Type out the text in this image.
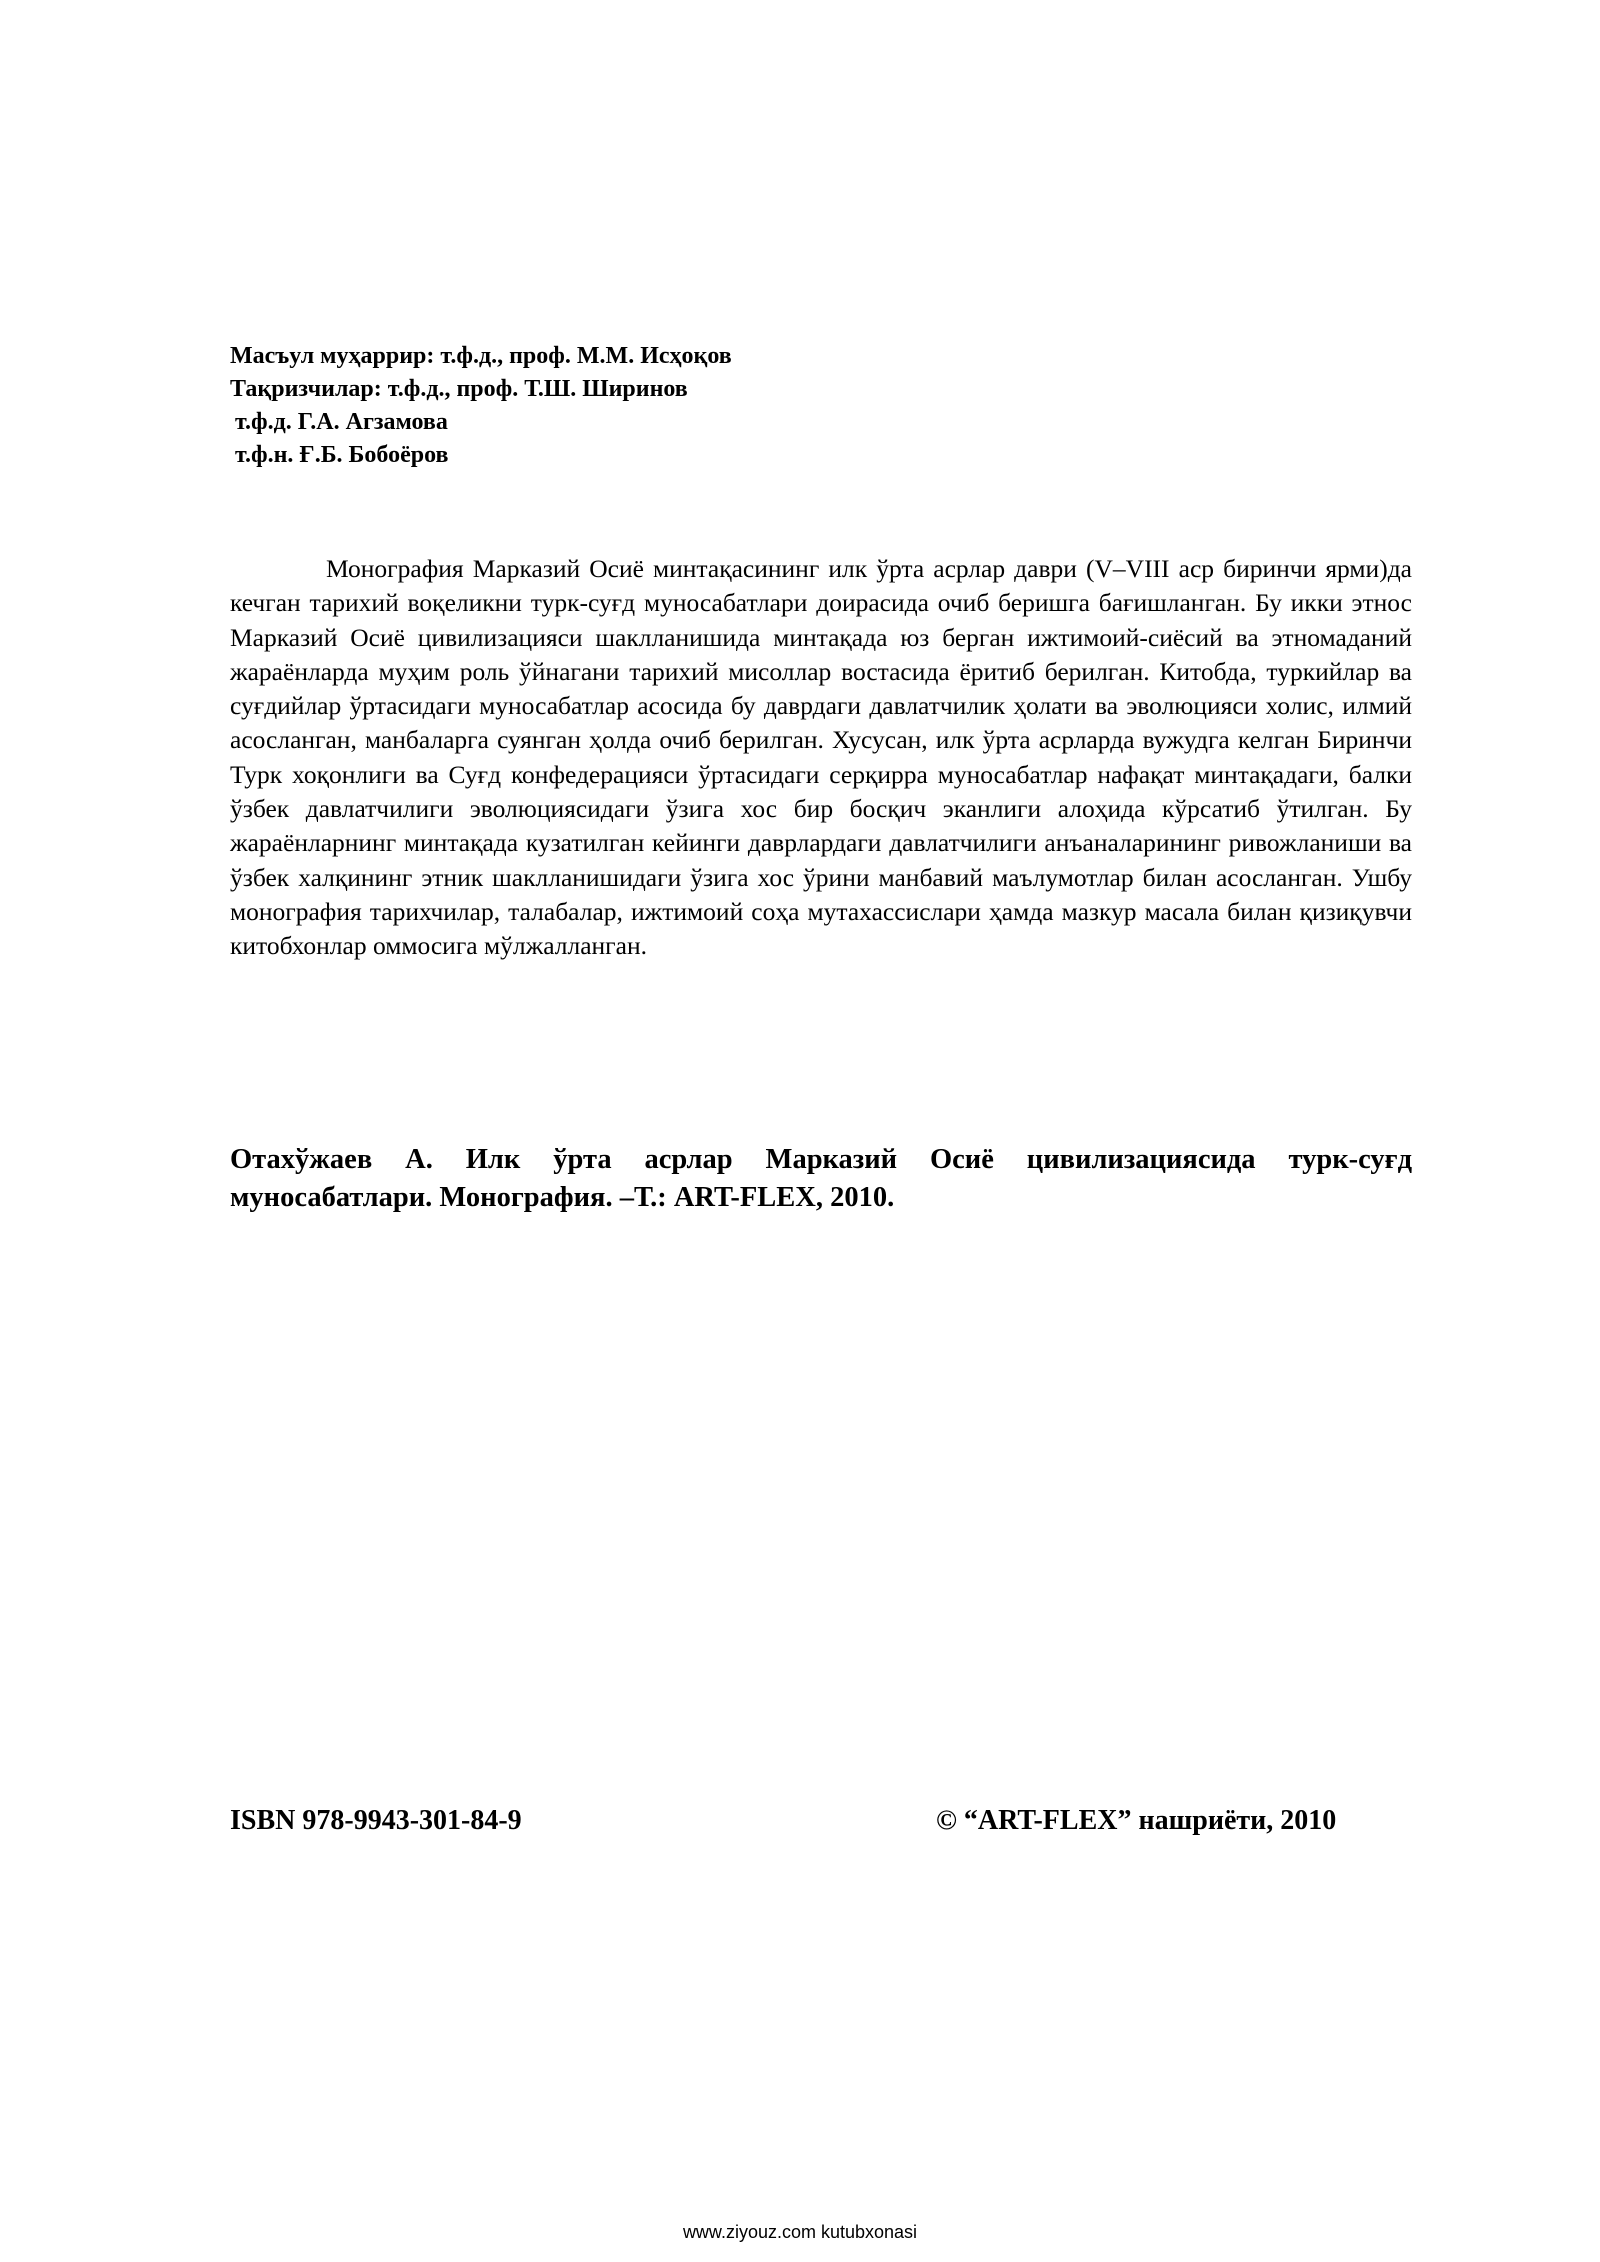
Масъул муҳаррир: т.ф.д., проф. М.М. Исҳоқов
Тақризчилар: т.ф.д., проф. Т.Ш. Ширинов
т.ф.д. Г.А. Агзамова
т.ф.н. Ғ.Б. Бобоёров

Монография Марказий Осиё минтақасининг илк ўрта асрлар даври (V–VIII аср биринчи ярми)да кечган тарихий воқеликни турк-суғд муносабатлари доирасида очиб беришга бағишланган. Бу икки этнос Марказий Осиё цивилизацияси шаклланишида минтақада юз берган ижтимоий-сиёсий ва этномаданий жараёнларда муҳим роль ўйнагани тарихий мисоллар востасида ёритиб берилган. Китобда, туркийлар ва суғдийлар ўртасидаги муносабатлар асосида бу даврдаги давлатчилик ҳолати ва эволюцияси холис, илмий асосланган, манбаларга суянган ҳолда очиб берилган. Хусусан, илк ўрта асрларда вужудга келган Биринчи Турк хоқонлиги ва Суғд конфедерацияси ўртасидаги серқирра муносабатлар нафақат минтақадаги, балки ўзбек давлатчилиги эволюциясидаги ўзига хос бир босқич эканлиги алоҳида кўрсатиб ўтилган. Бу жараёнларнинг минтақада кузатилган кейинги даврлардаги давлатчилиги анъаналарининг ривожланиши ва ўзбек халқининг этник шаклланишидаги ўзига хос ўрини манбавий маълумотлар билан асосланган. Ушбу монография тарихчилар, талабалар, ижтимоий соҳа мутахассислари ҳамда мазкур масала билан қизиқувчи китобхонлар оммосига мўлжалланган.

Отахўжаев А. Илк ўрта асрлар Марказий Осиё цивилизациясида турк-суғд муносабатлари. Монография. –Т.: ART-FLEX, 2010.

ISBN 978-9943-301-84-9	© “ART-FLEX” нашриёти, 2010
www.ziyouz.com kutubxonasi
